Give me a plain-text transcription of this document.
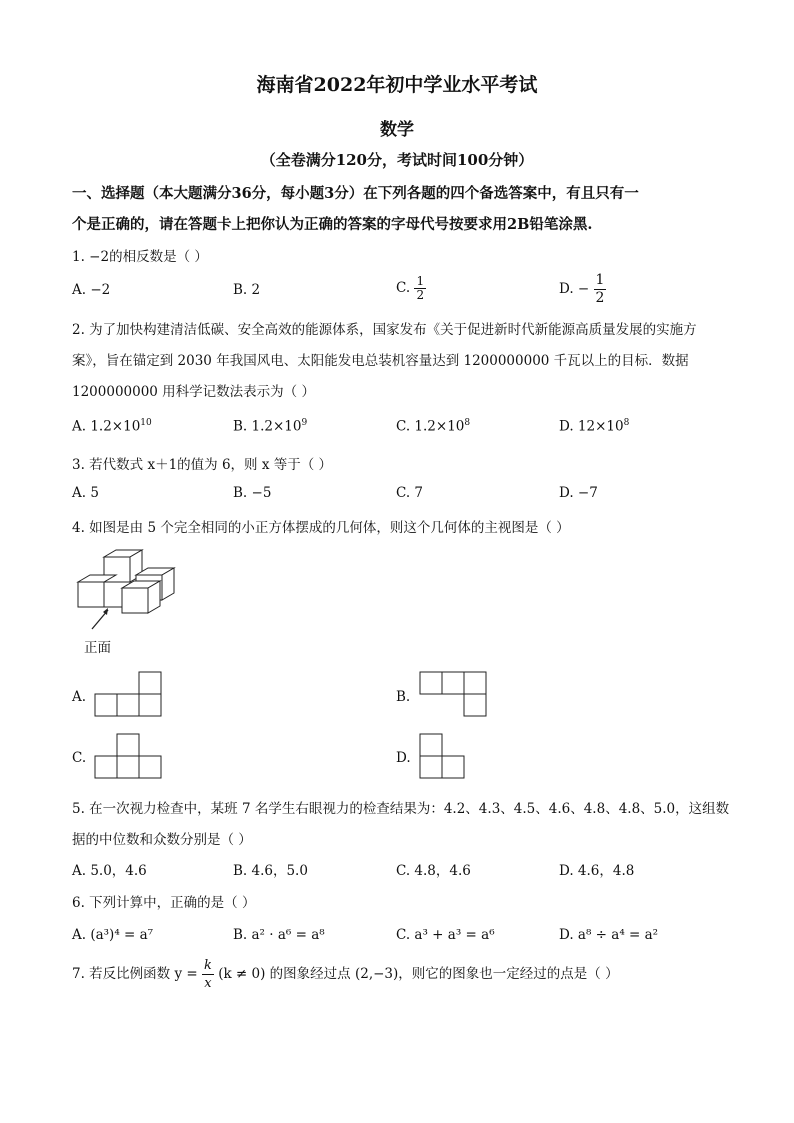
海南省2022年初中学业水平考试
数学
（全卷满分120分，考试时间100分钟）
一、选择题（本大题满分36分，每小题3分）在下列各题的四个备选答案中，有且只有一
个是正确的，请在答题卡上把你认为正确的答案的字母代号按要求用2B铅笔涂黑.
1. −2的相反数是（ ）
A. −2	B. 2	C. $\frac{1}{2}$	D. − $\frac{1}{2}$
2. 为了加快构建清洁低碳、安全高效的能源体系，国家发布《关于促进新时代新能源高质量发展的实施方
案》，旨在锚定到 2030 年我国风电、太阳能发电总装机容量达到 1200000000 千瓦以上的目标．数据
1200000000 用科学记数法表示为（ ）
A. $1.2\times 10^{10}$	B. $1.2\times 10^9$	C. $1.2\times 10^8$	D. $12\times 10^8$
3. 若代数式 x＋1的值为 6，则 x 等于（ ）
A. 5	B. −5	C. 7	D. −7
4. 如图是由 5 个完全相同的小正方体摆成的几何体，则这个几何体的主视图是（ ）
正面
A.	B.
C.	D.
5. 在一次视力检查中，某班 7 名学生右眼视力的检查结果为：4.2、4.3、4.5、4.6、4.8、4.8、5.0，这组数
据的中位数和众数分别是（ ）
A. 5.0，4.6	B. 4.6，5.0	C. 4.8，4.6	D. 4.6，4.8
6. 下列计算中，正确的是（ ）
A. (a³)⁴ = a⁷	B. a² · a⁶ = a⁸	C. a³ + a³ = a⁶	D. a⁸ ÷ a⁴ = a²
7. 若反比例函数 $y = \frac{k}{x} (k \ne 0)$ 的图象经过点 (2,−3)，则它的图象也一定经过的点是（ ）
